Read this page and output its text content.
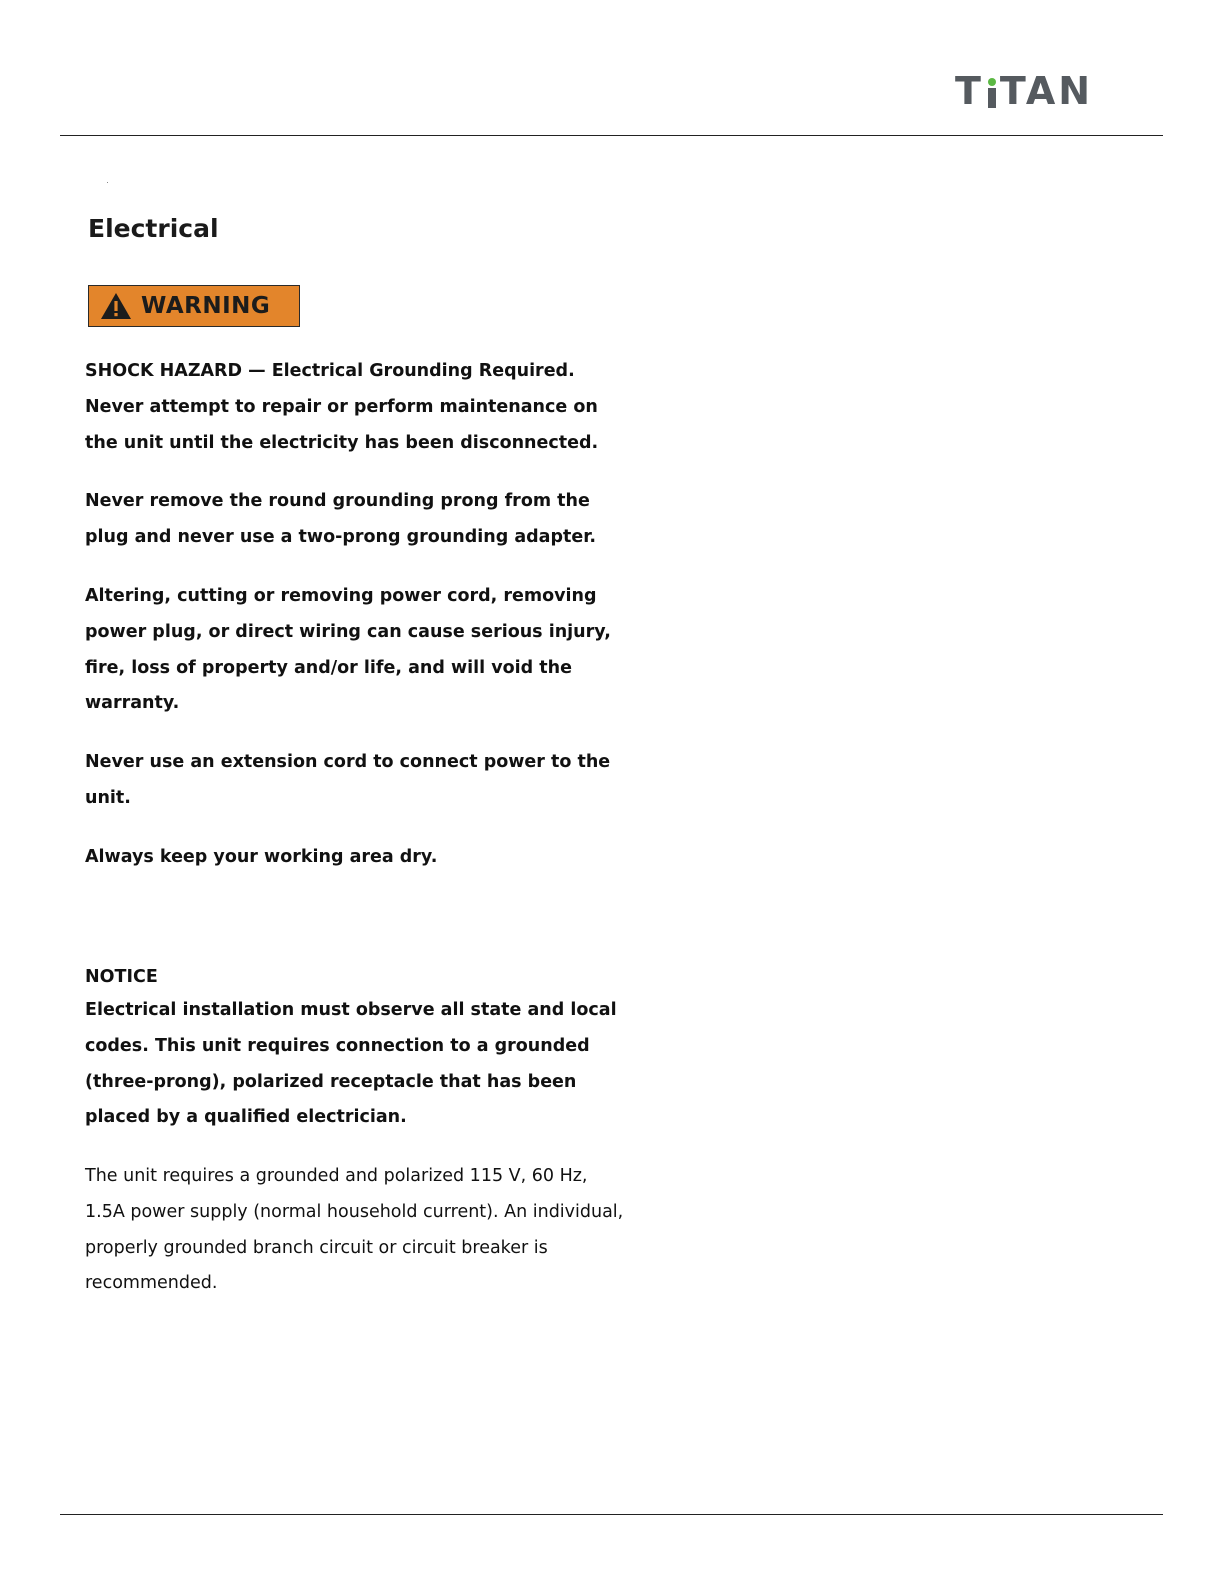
T TAN
Electrical
WARNING

SHOCK HAZARD — Electrical Grounding Required. Never attempt to repair or perform maintenance on the unit until the electricity has been disconnected.

Never remove the round grounding prong from the plug and never use a two-prong grounding adapter.

Altering, cutting or removing power cord, removing power plug, or direct wiring can cause serious injury, fire, loss of property and/or life, and will void the warranty.

Never use an extension cord to connect power to the unit.

Always keep your working area dry.

NOTICE

Electrical installation must observe all state and local codes. This unit requires connection to a grounded (three-prong), polarized receptacle that has been placed by a qualified electrician.

The unit requires a grounded and polarized 115 V, 60 Hz, 1.5A power supply (normal household current). An individual, properly grounded branch circuit or circuit breaker is recommended.
